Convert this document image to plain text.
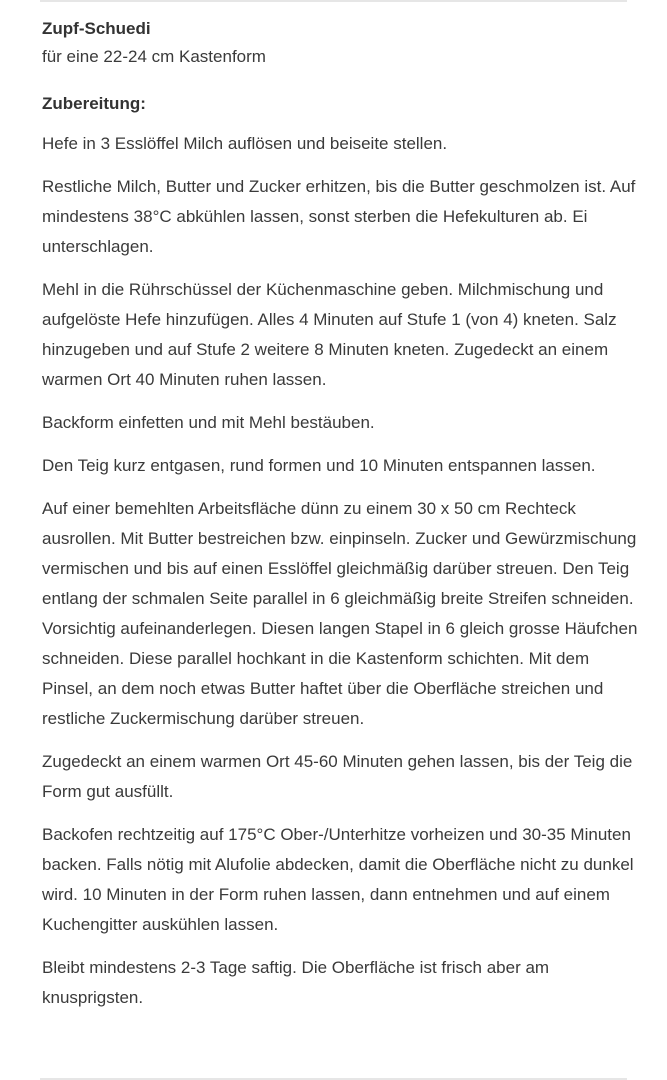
Zupf-Schuedi

für eine 22-24 cm Kastenform

Zubereitung:

Hefe in 3 Esslöffel Milch auflösen und beiseite stellen.

Restliche Milch, Butter und Zucker erhitzen, bis die Butter geschmolzen ist. Auf mindestens 38°C abkühlen lassen, sonst sterben die Hefekulturen ab. Ei unterschlagen.

Mehl in die Rührschüssel der Küchenmaschine geben. Milchmischung und aufgelöste Hefe hinzufügen. Alles 4 Minuten auf Stufe 1 (von 4) kneten. Salz hinzugeben und auf Stufe 2 weitere 8 Minuten kneten. Zugedeckt an einem warmen Ort 40 Minuten ruhen lassen.

Backform einfetten und mit Mehl bestäuben.

Den Teig kurz entgasen, rund formen und 10 Minuten entspannen lassen.

Auf einer bemehlten Arbeitsfläche dünn zu einem 30 x 50 cm Rechteck ausrollen. Mit Butter bestreichen bzw. einpinseln. Zucker und Gewürzmischung vermischen und bis auf einen Esslöffel gleichmäßig darüber streuen. Den Teig entlang der schmalen Seite parallel in 6 gleichmäßig breite Streifen schneiden. Vorsichtig aufeinanderlegen. Diesen langen Stapel in 6 gleich grosse Häufchen schneiden. Diese parallel hochkant in die Kastenform schichten. Mit dem Pinsel, an dem noch etwas Butter haftet über die Oberfläche streichen und restliche Zuckermischung darüber streuen.

Zugedeckt an einem warmen Ort 45-60 Minuten gehen lassen, bis der Teig die Form gut ausfüllt.

Backofen rechtzeitig auf 175°C Ober-/Unterhitze vorheizen und 30-35 Minuten backen. Falls nötig mit Alufolie abdecken, damit die Oberfläche nicht zu dunkel wird. 10 Minuten in der Form ruhen lassen, dann entnehmen und auf einem Kuchengitter auskühlen lassen.

Bleibt mindestens 2-3 Tage saftig. Die Oberfläche ist frisch aber am knusprigsten.
